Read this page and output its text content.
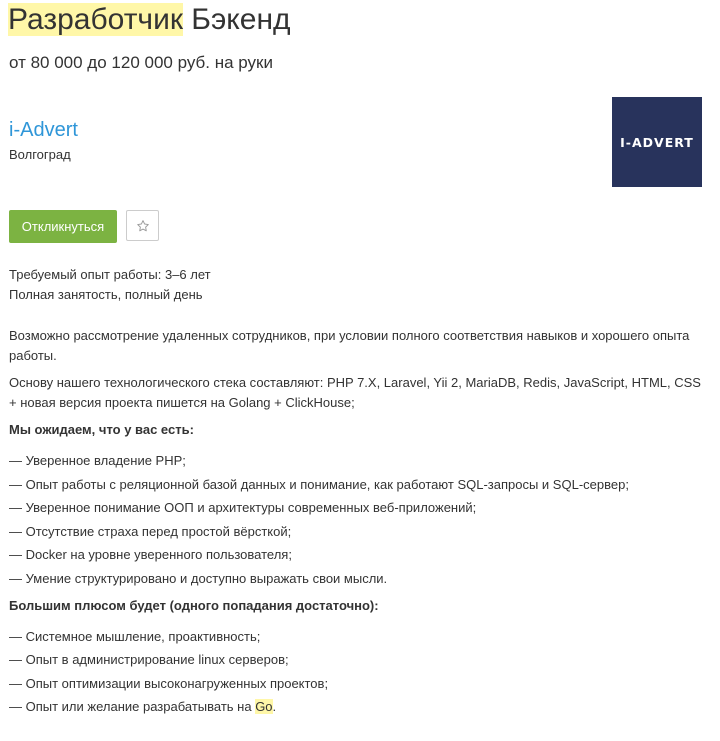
Разработчик Бэкенд
от 80 000 до 120 000 руб. на руки
i-Advert
Волгоград
I-ADVERT
Откликнуться
Требуемый опыт работы: 3–6 лет
Полная занятость, полный день

Возможно рассмотрение удаленных сотрудников, при условии полного соответствия навыков и хорошего опыта работы.

Основу нашего технологического стека составляют: PHP 7.X, Laravel, Yii 2, MariaDB, Redis, JavaScript, HTML, CSS + новая версия проекта пишется на Golang + ClickHouse;

Мы ожидаем, что у вас есть:
— Уверенное владение PHP;
— Опыт работы с реляционной базой данных и понимание, как работают SQL-запросы и SQL-сервер;
— Уверенное понимание ООП и архитектуры современных веб-приложений;
— Отсутствие страха перед простой вёрсткой;
— Docker на уровне уверенного пользователя;
— Умение структурировано и доступно выражать свои мысли.
Большим плюсом будет (одного попадания достаточно):
— Системное мышление, проактивность;
— Опыт в администрирование linux серверов;
— Опыт оптимизации высоконагруженных проектов;
— Опыт или желание разрабатывать на Go.
